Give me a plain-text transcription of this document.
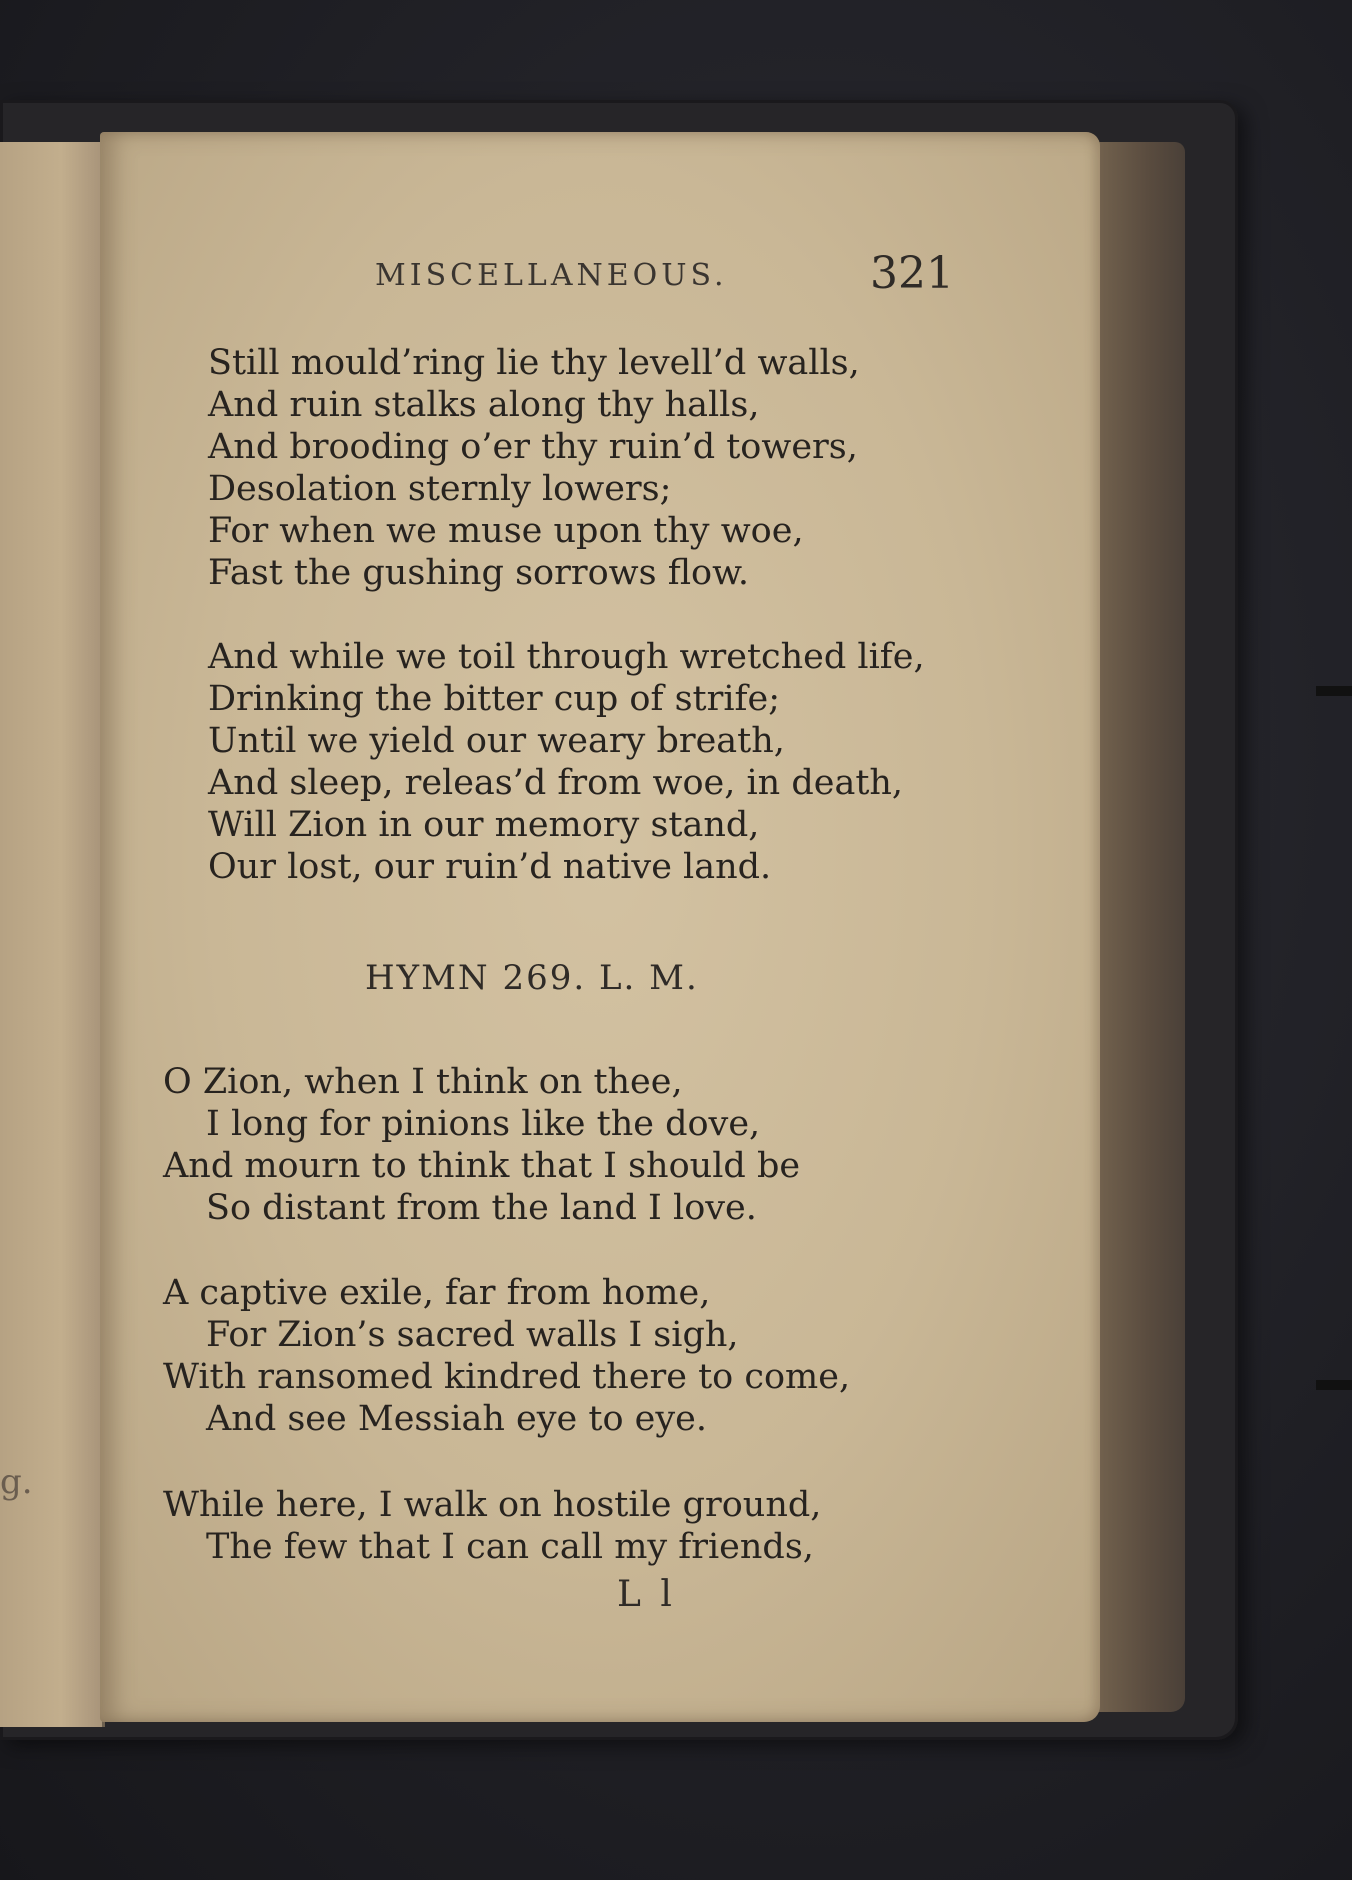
g.
MISCELLANEOUS.	321
Still mould’ring lie thy levell’d walls,
And ruin stalks along thy halls,
And brooding o’er thy ruin’d towers,
Desolation sternly lowers;
For when we muse upon thy woe,
Fast the gushing sorrows flow.
And while we toil through wretched life,
Drinking the bitter cup of strife;
Until we yield our weary breath,
And sleep, releas’d from woe, in death,
Will Zion in our memory stand,
Our lost, our ruin’d native land.
HYMN 269. L. M.
O Zion, when I think on thee,
I long for pinions like the dove,
And mourn to think that I should be
So distant from the land I love.
A captive exile, far from home,
For Zion’s sacred walls I sigh,
With ransomed kindred there to come,
And see Messiah eye to eye.
While here, I walk on hostile ground,
The few that I can call my friends,
L l
